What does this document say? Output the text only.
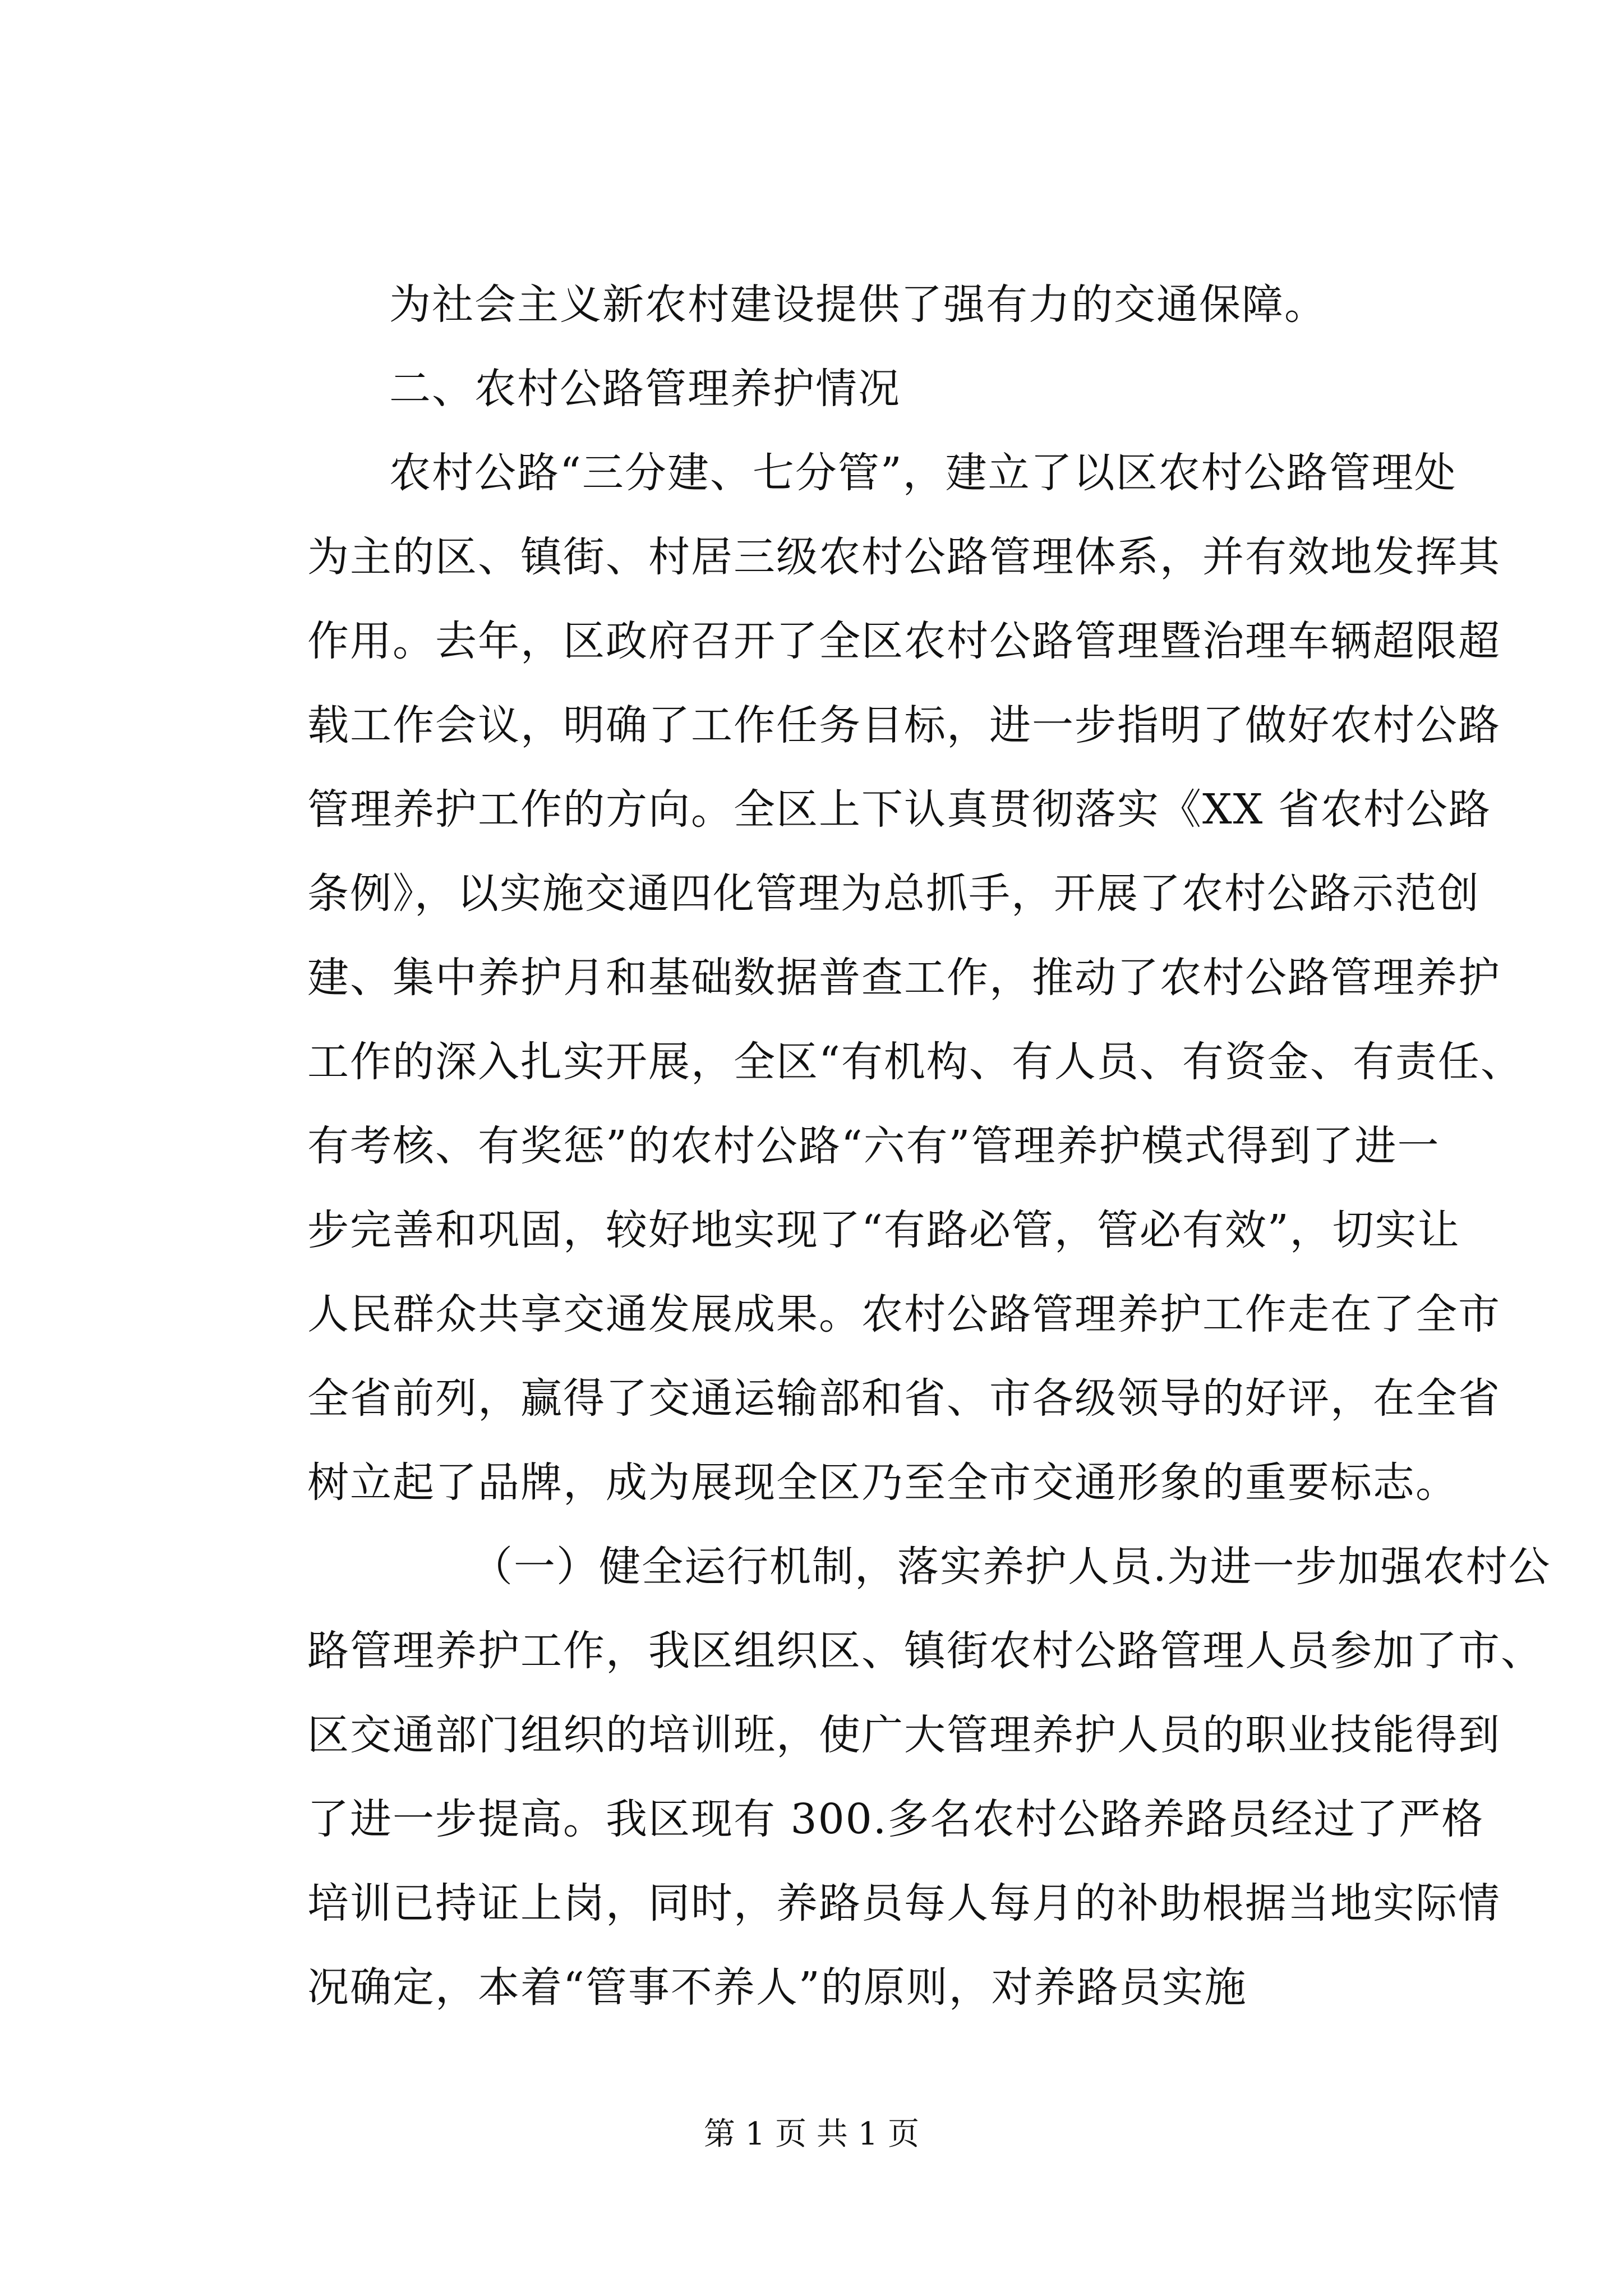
为社会主义新农村建设提供了强有力的交通保障。
二、农村公路管理养护情况
农村公路“三分建、七分管”，建立了以区农村公路管理处
为主的区、镇街、村居三级农村公路管理体系，并有效地发挥其
作用。去年，区政府召开了全区农村公路管理暨治理车辆超限超
载工作会议，明确了工作任务目标，进一步指明了做好农村公路
管理养护工作的方向。全区上下认真贯彻落实《XX 省农村公路
条例》，以实施交通四化管理为总抓手，开展了农村公路示范创
建、集中养护月和基础数据普查工作，推动了农村公路管理养护
工作的深入扎实开展，全区“有机构、有人员、有资金、有责任、
有考核、有奖惩”的农村公路“六有”管理养护模式得到了进一
步完善和巩固，较好地实现了“有路必管，管必有效”，切实让
人民群众共享交通发展成果。农村公路管理养护工作走在了全市
全省前列，赢得了交通运输部和省、市各级领导的好评，在全省
树立起了品牌，成为展现全区乃至全市交通形象的重要标志。
（一）健全运行机制，落实养护人员.为进一步加强农村公
路管理养护工作，我区组织区、镇街农村公路管理人员参加了市、
区交通部门组织的培训班，使广大管理养护人员的职业技能得到
了进一步提高。我区现有 300.多名农村公路养路员经过了严格
培训已持证上岗，同时，养路员每人每月的补助根据当地实际情
况确定，本着“管事不养人”的原则，对养路员实施
第 1 页 共 1 页
